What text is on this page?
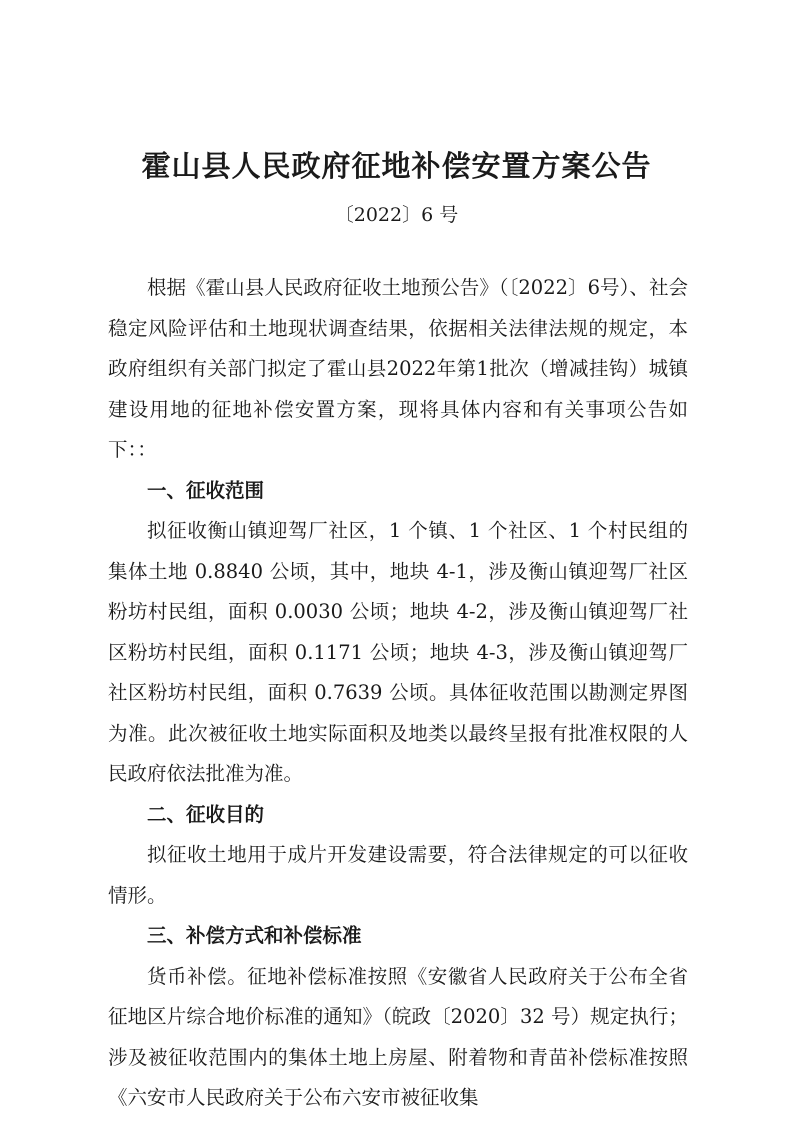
霍山县人民政府征地补偿安置方案公告

〔2022〕6 号

根据《霍山县人民政府征收土地预公告》（〔2022〕6号）、社会稳定风险评估和土地现状调查结果，依据相关法律法规的规定，本政府组织有关部门拟定了霍山县2022年第1批次（增减挂钩）城镇建设用地的征地补偿安置方案，现将具体内容和有关事项公告如下：：

一、征收范围

拟征收衡山镇迎驾厂社区，1 个镇、1 个社区、1 个村民组的集体土地 0.8840 公顷，其中，地块 4-1，涉及衡山镇迎驾厂社区粉坊村民组，面积 0.0030 公顷；地块 4-2，涉及衡山镇迎驾厂社区粉坊村民组，面积 0.1171 公顷；地块 4-3，涉及衡山镇迎驾厂社区粉坊村民组，面积 0.7639 公顷。具体征收范围以勘测定界图为准。此次被征收土地实际面积及地类以最终呈报有批准权限的人民政府依法批准为准。

二、征收目的

拟征收土地用于成片开发建设需要，符合法律规定的可以征收情形。

三、补偿方式和补偿标准

货币补偿。征地补偿标准按照《安徽省人民政府关于公布全省征地区片综合地价标准的通知》（皖政〔2020〕32 号）规定执行；涉及被征收范围内的集体土地上房屋、附着物和青苗补偿标准按照《六安市人民政府关于公布六安市被征收集
